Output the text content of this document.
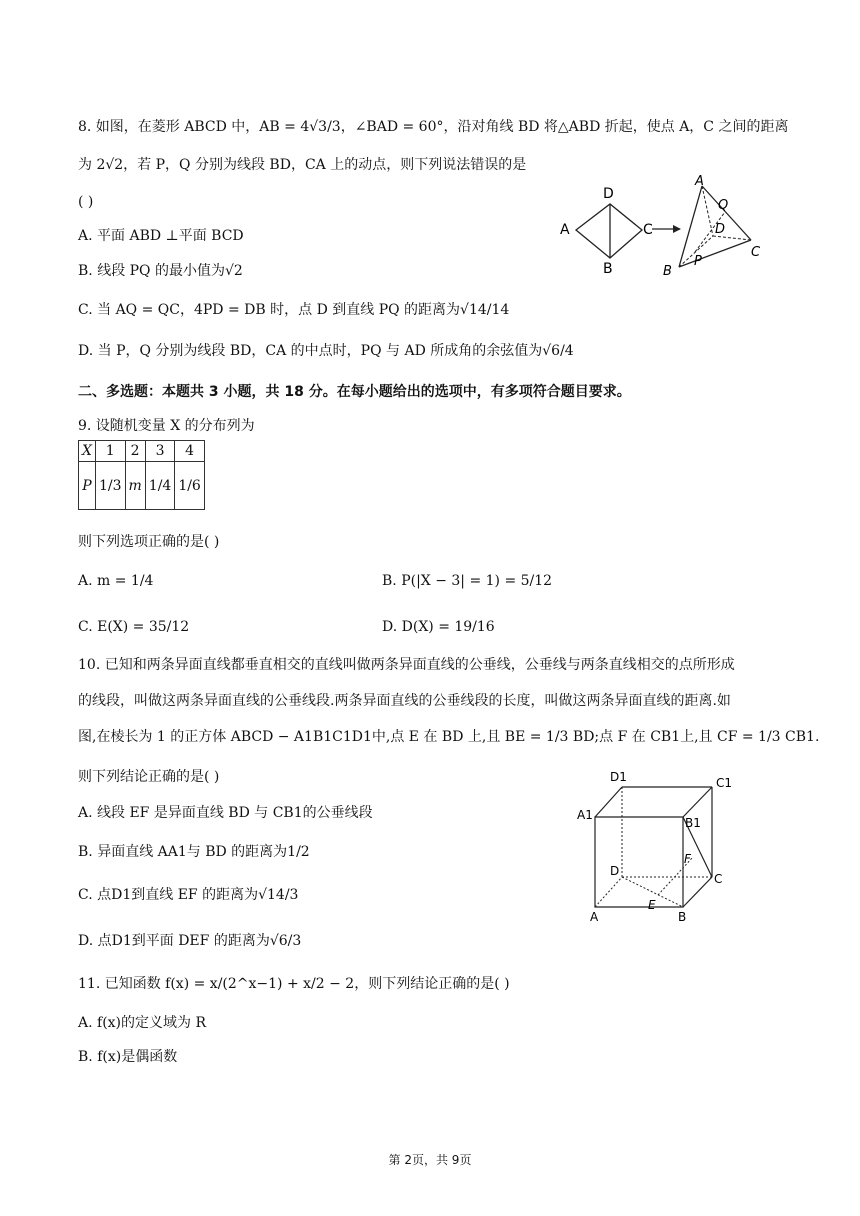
8. 如图，在菱形 ABCD 中，AB = 4√3/3，∠BAD = 60°，沿对角线 BD 将△ABD 折起，使点 A，C 之间的距离
为 2√2，若 P，Q 分别为线段 BD，CA 上的动点，则下列说法错误的是
( )
A. 平面 ABD ⊥平面 BCD
B. 线段 PQ 的最小值为√2
C. 当 AQ = QC，4PD = DB 时，点 D 到直线 PQ 的距离为√14/14
D. 当 P，Q 分别为线段 BD，CA 的中点时，PQ 与 AD 所成角的余弦值为√6/4
A
B
C
D
A
B
C
D
P
Q
二、多选题：本题共 3 小题，共 18 分。在每小题给出的选项中，有多项符合题目要求。
9. 设随机变量 X 的分布列为
X	1	2	3	4
P	1/3	m	1/4	1/6
则下列选项正确的是( )
A. m = 1/4	B. P(|X − 3| = 1) = 5/12
C. E(X) = 35/12	D. D(X) = 19/16
10. 已知和两条异面直线都垂直相交的直线叫做两条异面直线的公垂线，公垂线与两条直线相交的点所形成
的线段，叫做这两条异面直线的公垂线段.两条异面直线的公垂线段的长度，叫做这两条异面直线的距离.如
图,在棱长为 1 的正方体 ABCD − A1B1C1D1中,点 E 在 BD 上,且 BE = 1/3 BD;点 F 在 CB1上,且 CF = 1/3 CB1.
则下列结论正确的是( )
A. 线段 EF 是异面直线 BD 与 CB1的公垂线段
B. 异面直线 AA1与 BD 的距离为1/2
C. 点D1到直线 EF 的距离为√14/3
D. 点D1到平面 DEF 的距离为√6/3
D1	C1
A1
B1
D
F
C
A
E
B
11. 已知函数 f(x) = x/(2^x−1) + x/2 − 2，则下列结论正确的是( )
A. f(x)的定义域为 R
B. f(x)是偶函数
第 2页，共 9页
